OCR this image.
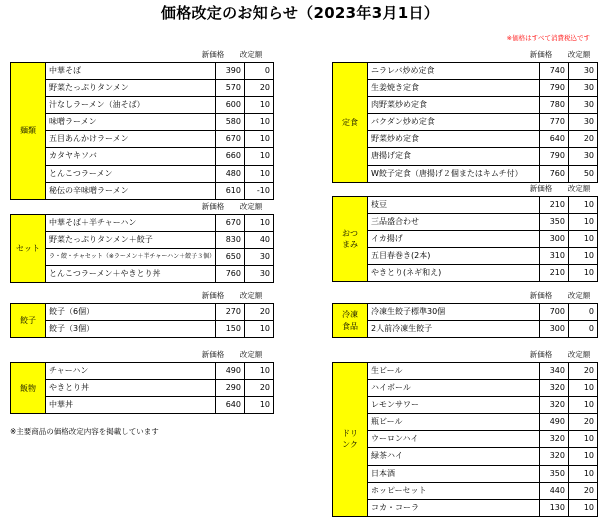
価格改定のお知らせ（2023年3月1日）
※価格はすべて消費税込です
新価格 改定額
麺類
中華そば	390	0
野菜たっぷりタンメン	570	20
汁なしラーメン（油そば）	600	10
味噌ラーメン	580	10
五目あんかけラーメン	670	10
カタヤキソバ	660	10
とんこつラーメン	480	10
秘伝の辛味噌ラーメン	610	-10
新価格 改定額
セット
中華そば＋半チャーハン	670	10
野菜たっぷりタンメン＋餃子	830	40
ラ・餃・チャセット（※ラーメン＋半チャーハン＋餃子３個）	650	30
とんこつラーメン＋やきとり丼	760	30
新価格 改定額
餃子
餃子（6個）	270	20
餃子（3個）	150	10
新価格 改定額
飯物
チャーハン	490	10
やきとり丼	290	20
中華丼	640	10
※主要商品の価格改定内容を掲載しています
新価格 改定額
定食
ニラレバ炒め定食	740	30
生姜焼き定食	790	30
肉野菜炒め定食	780	30
バクダン炒め定食	770	30
野菜炒め定食	640	20
唐揚げ定食	790	30
W餃子定食（唐揚げ２個またはキムチ付）	760	50
新価格 改定額
おつ
まみ
枝豆	210	10
三品盛合わせ	350	10
イカ揚げ	300	10
五目春巻き(2本)	310	10
やきとり(ネギ和え)	210	10
新価格 改定額
冷凍
食品
冷凍生餃子標準30個	700	0
2人前冷凍生餃子	300	0
新価格 改定額
ドリ
ンク
生ビール	340	20
ハイボール	320	10
レモンサワー	320	10
瓶ビール	490	20
ウーロンハイ	320	10
緑茶ハイ	320	10
日本酒	350	10
ホッピーセット	440	20
コカ・コーラ	130	10
